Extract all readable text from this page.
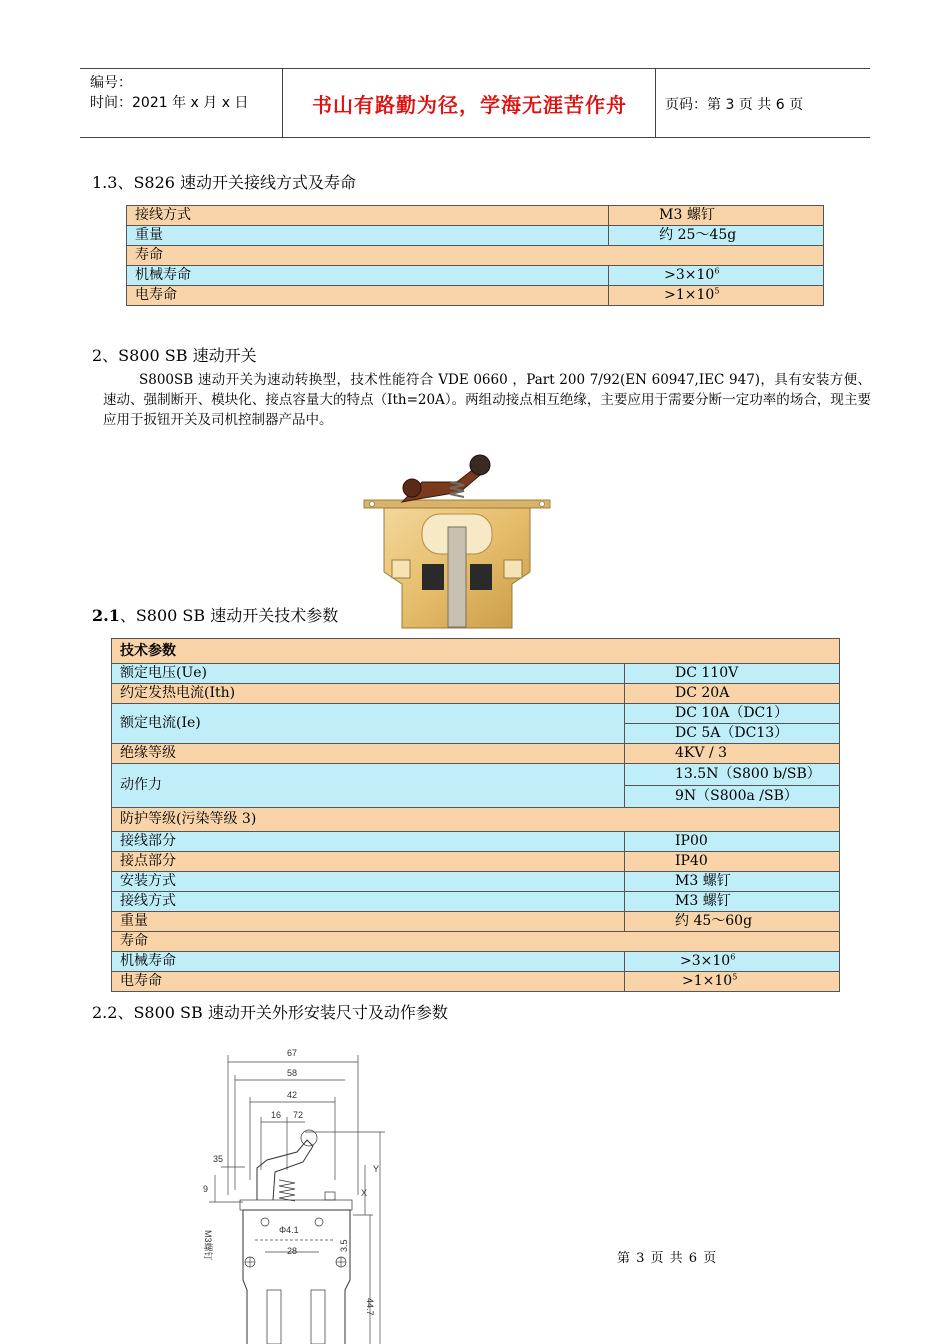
编号：
时间：2021 年 x 月 x 日	书山有路勤为径，学海无涯苦作舟	页码：第 3 页 共 6 页
1.3、S826 速动开关接线方式及寿命
接线方式	M3 螺钉
重量	约 25～45g
寿命	
机械寿命	$>3\times 10^6$
电寿命	$>1\times 10^5$
2、S800 SB 速动开关
S800SB 速动开关为速动转换型，技术性能符合 VDE 0660 ，Part 200 7/92(EN 60947,IEC 947)，具有安装方便、速动、强制断开、模块化、接点容量大的特点（Ith=20A）。两组动接点相互绝缘，主要应用于需要分断一定功率的场合，现主要应用于扳钮开关及司机控制器产品中。
2.1、S800 SB 速动开关技术参数
技术参数	
额定电压(Ue)	DC 110V
约定发热电流(Ith)	DC 20A
额定电流(Ie)	DC 10A（DC1）
	DC 5A（DC13）
绝缘等级	4KV / 3
动作力	13.5N（S800 b/SB）
	9N（S800a /SB）
防护等级(污染等级 3)	
接线部分	IP00
接点部分	IP40
安装方式	M3 螺钉
接线方式	M3 螺钉
重量	约 45～60g
寿命	
机械寿命	$>3\times 10^6$
电寿命	$>1\times 10^5$
2.2、S800 SB 速动开关外形安装尺寸及动作参数
67
58
42
16 72
35
9
Y
X
M3螺钉	Φ4.1
28	3.5
44.7
第 3 页 共 6 页
